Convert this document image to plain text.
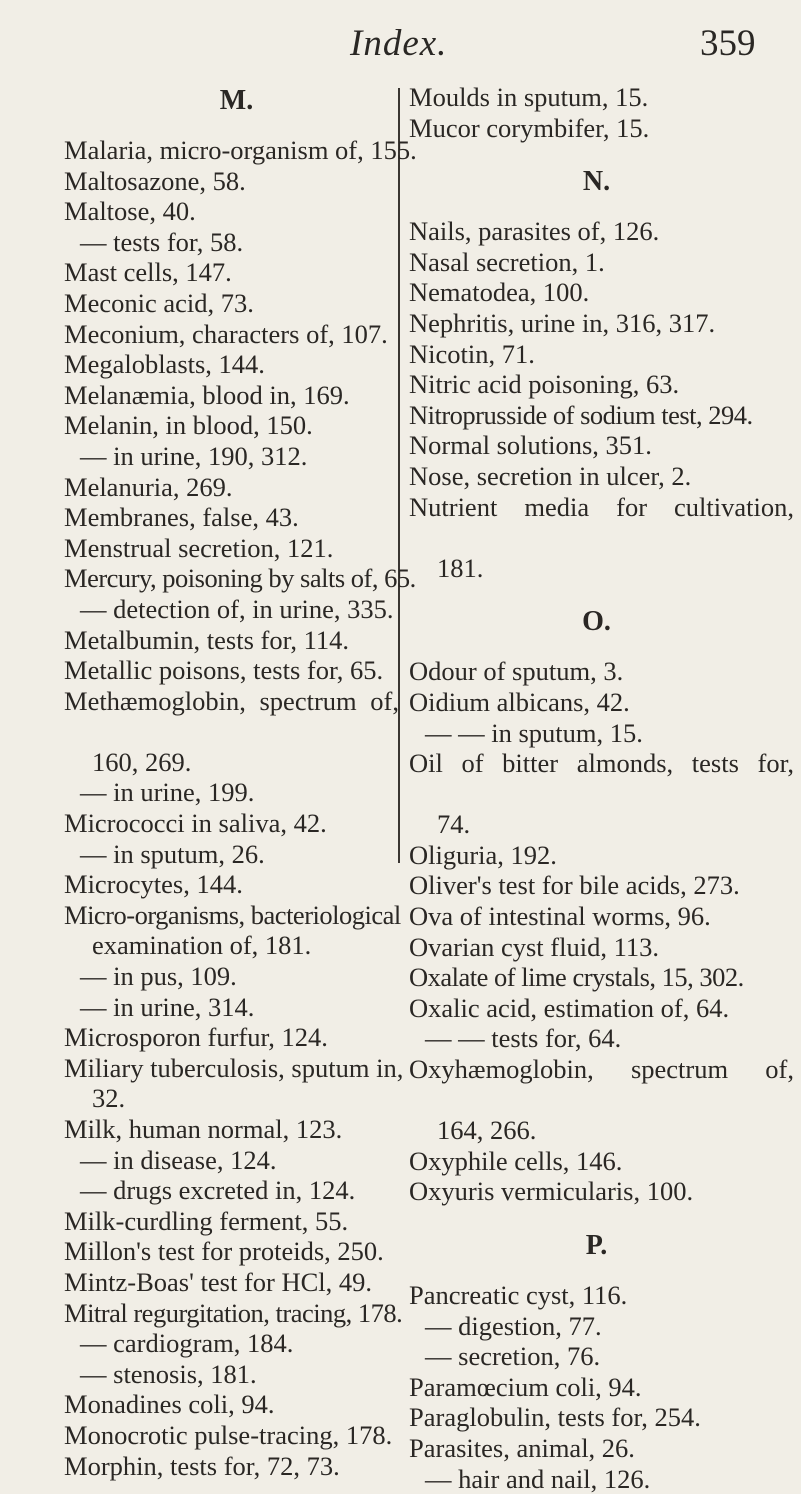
Index.	359
M.
Malaria, micro-organism of, 155.
Maltosazone, 58.
Maltose, 40.
— tests for, 58.
Mast cells, 147.
Meconic acid, 73.
Meconium, characters of, 107.
Megaloblasts, 144.
Melanæmia, blood in, 169.
Melanin, in blood, 150.
— in urine, 190, 312.
Melanuria, 269.
Membranes, false, 43.
Menstrual secretion, 121.
Mercury, poisoning by salts of, 65.
— detection of, in urine, 335.
Metalbumin, tests for, 114.
Metallic poisons, tests for, 65.
Methæmoglobin, spectrum of,
160, 269.
— in urine, 199.
Micrococci in saliva, 42.
— in sputum, 26.
Microcytes, 144.
Micro-organisms, bacteriological
examination of, 181.
— in pus, 109.
— in urine, 314.
Microsporon furfur, 124.
Miliary tuberculosis, sputum in,
32.
Milk, human normal, 123.
— in disease, 124.
— drugs excreted in, 124.
Milk-curdling ferment, 55.
Millon's test for proteids, 250.
Mintz-Boas' test for HCl, 49.
Mitral regurgitation, tracing, 178.
— cardiogram, 184.
— stenosis, 181.
Monadines coli, 94.
Monocrotic pulse-tracing, 178.
Morphin, tests for, 72, 73.
Moulds in sputum, 15.
Mucor corymbifer, 15.
N.
Nails, parasites of, 126.
Nasal secretion, 1.
Nematodea, 100.
Nephritis, urine in, 316, 317.
Nicotin, 71.
Nitric acid poisoning, 63.
Nitroprusside of sodium test, 294.
Normal solutions, 351.
Nose, secretion in ulcer, 2.
Nutrient media for cultivation,
181.
O.
Odour of sputum, 3.
Oidium albicans, 42.
— — in sputum, 15.
Oil of bitter almonds, tests for,
74.
Oliguria, 192.
Oliver's test for bile acids, 273.
Ova of intestinal worms, 96.
Ovarian cyst fluid, 113.
Oxalate of lime crystals, 15, 302.
Oxalic acid, estimation of, 64.
— — tests for, 64.
Oxyhæmoglobin, spectrum of,
164, 266.
Oxyphile cells, 146.
Oxyuris vermicularis, 100.
P.
Pancreatic cyst, 116.
— digestion, 77.
— secretion, 76.
Paramœcium coli, 94.
Paraglobulin, tests for, 254.
Parasites, animal, 26.
— hair and nail, 126.
